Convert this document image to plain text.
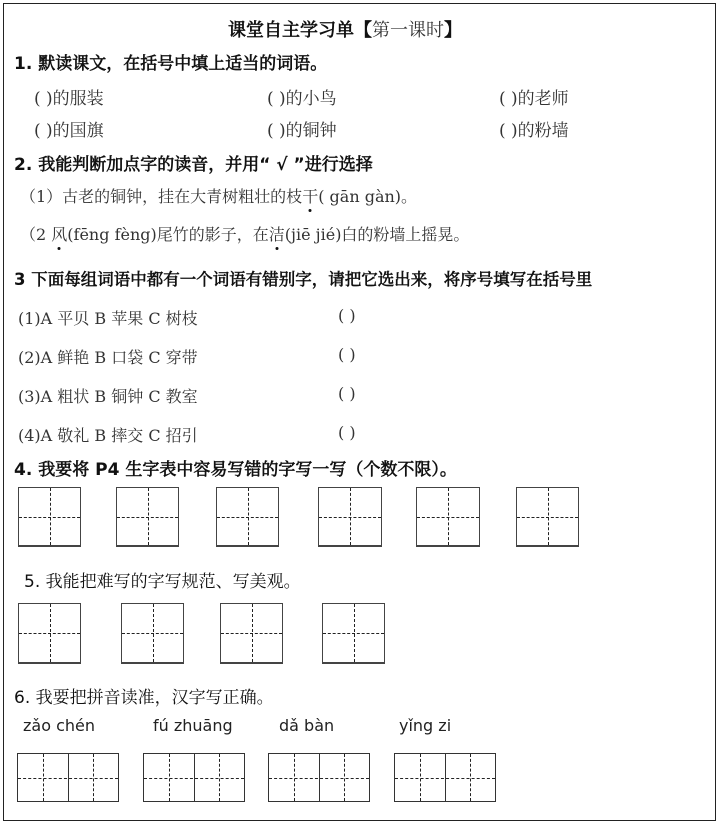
课堂自主学习单【第一课时】
1. 默读课文，在括号中填上适当的词语。
( )的服装	( )的小鸟	( )的老师
( )的国旗	( )的铜钟	( )的粉墙
2. 我能判断加点字的读音，并用“ √ ”进行选择
（1）古老的铜钟，挂在大青树粗壮的枝干( gān gàn)。
（2 风(fēng fèng)尾竹的影子，在洁(jiē jié)白的粉墙上摇晃。
3 下面每组词语中都有一个词语有错别字，请把它选出来，将序号填写在括号里
(1)A 平贝 B 苹果 C 树枝	( )
(2)A 鲜艳 B 口袋 C 穿带	( )
(3)A 粗状 B 铜钟 C 教室	( )
(4)A 敬礼 B 摔交 C 招引	( )
4. 我要将 P4 生字表中容易写错的字写一写（个数不限）。
5. 我能把难写的字写规范、写美观。
6. 我要把拼音读准，汉字写正确。
zǎo chén	fú zhuāng	dǎ bàn	yǐng zi
